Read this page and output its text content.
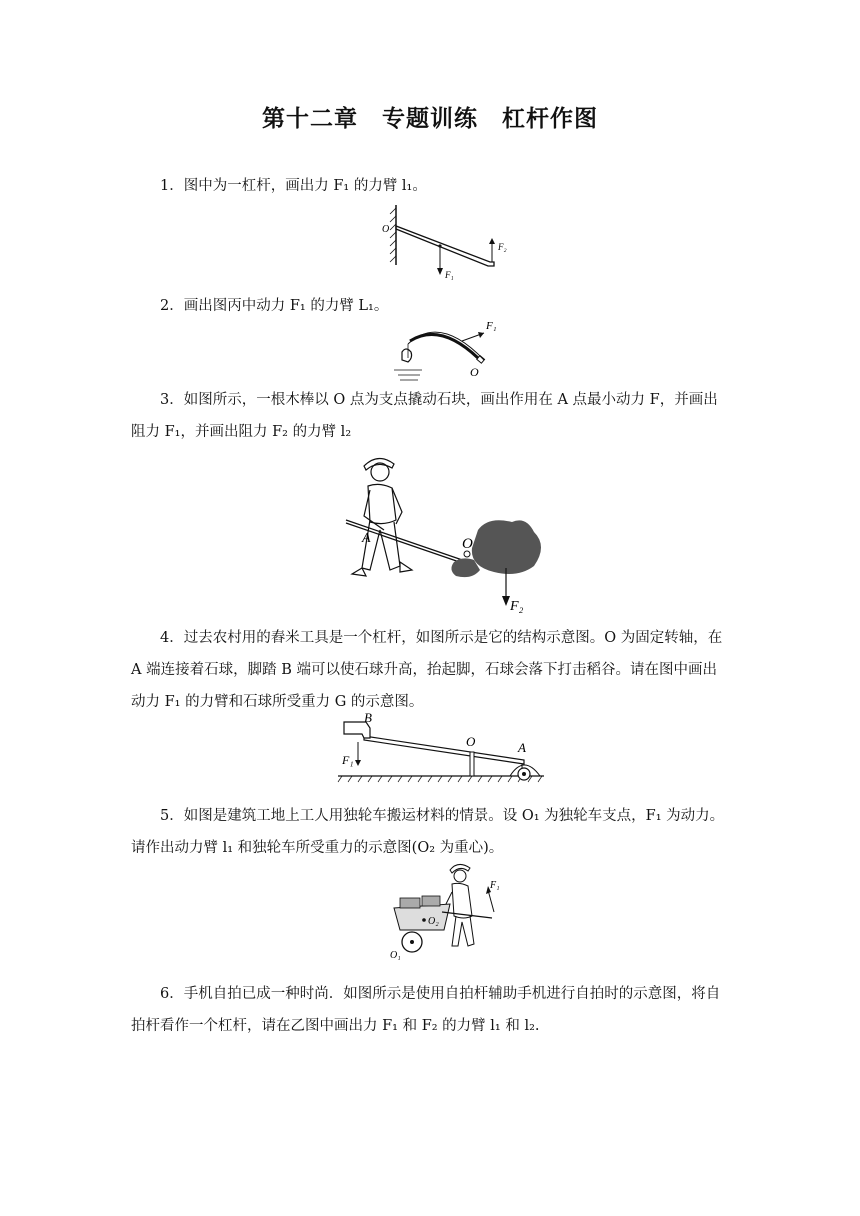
第十二章　专题训练　杠杆作图
1．图中为一杠杆，画出力 F₁ 的力臂 l₁。
O
F₁
F₂
2．画出图丙中动力 F₁ 的力臂 L₁。
F₁
O
3．如图所示，一根木棒以 O 点为支点撬动石块，画出作用在 A 点最小动力 F，并画出阻力 F₁，并画出阻力 F₂ 的力臂 l₂
A	O
F₂
4．过去农村用的舂米工具是一个杠杆，如图所示是它的结构示意图。O 为固定转轴，在 A 端连接着石球，脚踏 B 端可以使石球升高，抬起脚，石球会落下打击稻谷。请在图中画出动力 F₁ 的力臂和石球所受重力 G 的示意图。
B
O	A
F₁
5．如图是建筑工地上工人用独轮车搬运材料的情景。设 O₁ 为独轮车支点，F₁ 为动力。请作出动力臂 l₁ 和独轮车所受重力的示意图(O₂ 为重心)。
F₁
O₂
O₁
6．手机自拍已成一种时尚．如图所示是使用自拍杆辅助手机进行自拍时的示意图，将自拍杆看作一个杠杆，请在乙图中画出力 F₁ 和 F₂ 的力臂 l₁ 和 l₂.
